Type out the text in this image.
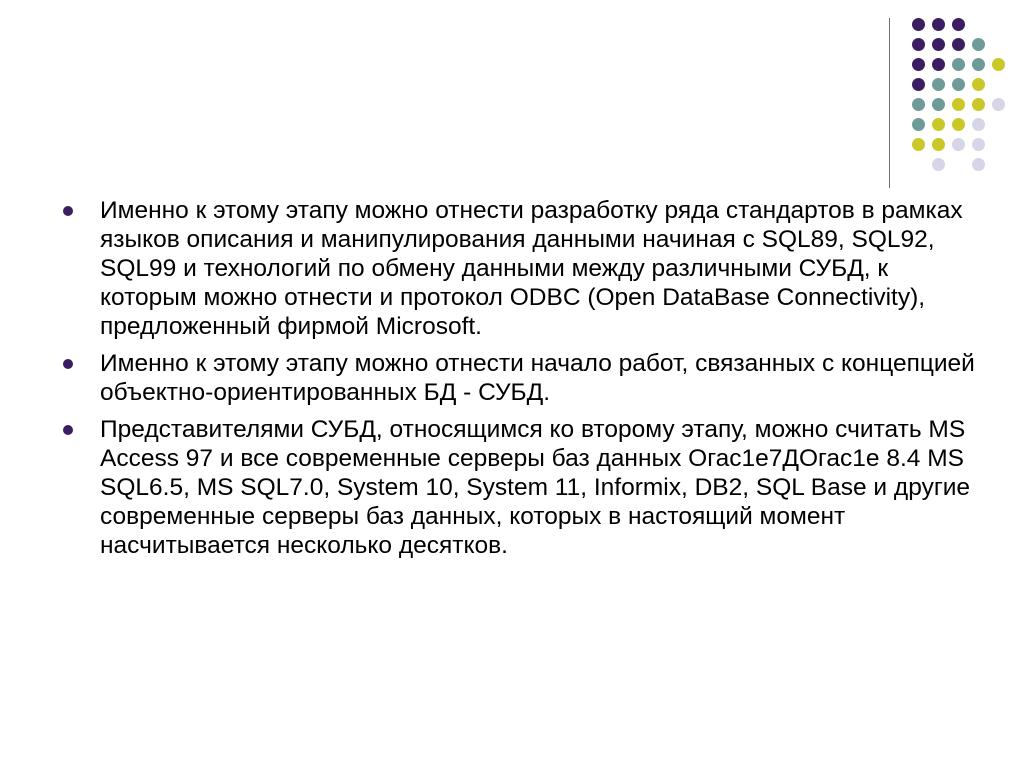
Именно к этому этапу можно отнести разработку ряда стандартов в рамках языков описания и манипулирования данными начиная с SQL89, SQL92, SQL99 и технологий по обмену данными между различными СУБД, к которым можно отнести и протокол ODBC (Open DataBase Connectivity), предложенный фирмой Microsoft.
Именно к этому этапу можно отнести начало работ, связанных с концепцией объектно-ориентированных БД - СУБД.
Представителями СУБД, относящимся ко второму этапу, можно считать MS Access 97 и все современные серверы баз данных Огас1е7ДОгас1е 8.4 MS SQL6.5, MS SQL7.0, System 10, System 11, Informix, DB2, SQL Base и другие современные серверы баз данных, которых в настоящий момент насчитывается несколько десятков.
